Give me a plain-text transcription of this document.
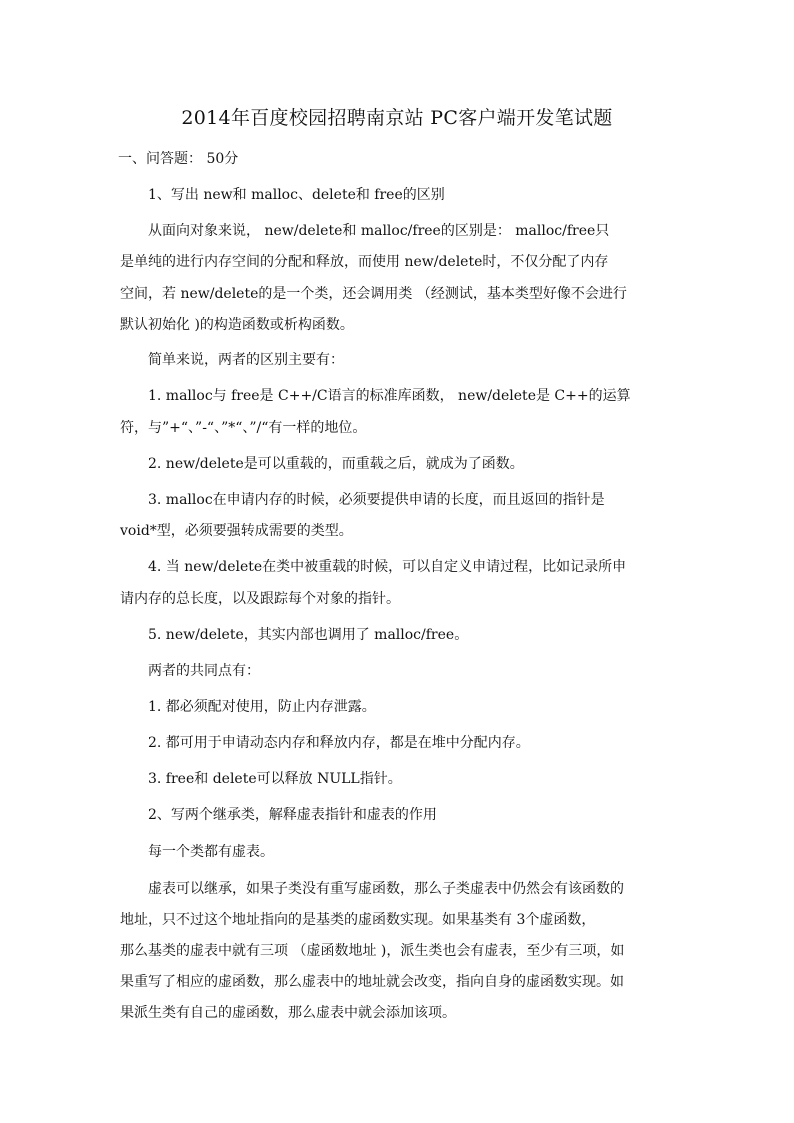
2014年百度校园招聘南京站 PC客户端开发笔试题
一、问答题： 50分
1、写出 new和 malloc、delete和 free的区别
从面向对象来说， new/delete和 malloc/free的区别是： malloc/free只
是单纯的进行内存空间的分配和释放，而使用 new/delete时，不仅分配了内存
空间，若 new/delete的是一个类，还会调用类 （经测试，基本类型好像不会进行
默认初始化 )的构造函数或析构函数。
简单来说，两者的区别主要有：
1. malloc与 free是 C++/C语言的标准库函数， new/delete是 C++的运算
符，与”+“、”-“、”*“、”/“有一样的地位。
2. new/delete是可以重载的，而重载之后，就成为了函数。
3. malloc在申请内存的时候，必须要提供申请的长度，而且返回的指针是
void*型，必须要强转成需要的类型。
4. 当 new/delete在类中被重载的时候，可以自定义申请过程，比如记录所申
请内存的总长度，以及跟踪每个对象的指针。
5. new/delete，其实内部也调用了 malloc/free。
两者的共同点有：
1. 都必须配对使用，防止内存泄露。
2. 都可用于申请动态内存和释放内存，都是在堆中分配内存。
3. free和 delete可以释放 NULL指针。
2、写两个继承类，解释虚表指针和虚表的作用
每一个类都有虚表。
虚表可以继承，如果子类没有重写虚函数，那么子类虚表中仍然会有该函数的
地址，只不过这个地址指向的是基类的虚函数实现。如果基类有 3个虚函数，
那么基类的虚表中就有三项 （虚函数地址 )，派生类也会有虚表，至少有三项，如
果重写了相应的虚函数，那么虚表中的地址就会改变，指向自身的虚函数实现。如
果派生类有自己的虚函数，那么虚表中就会添加该项。
